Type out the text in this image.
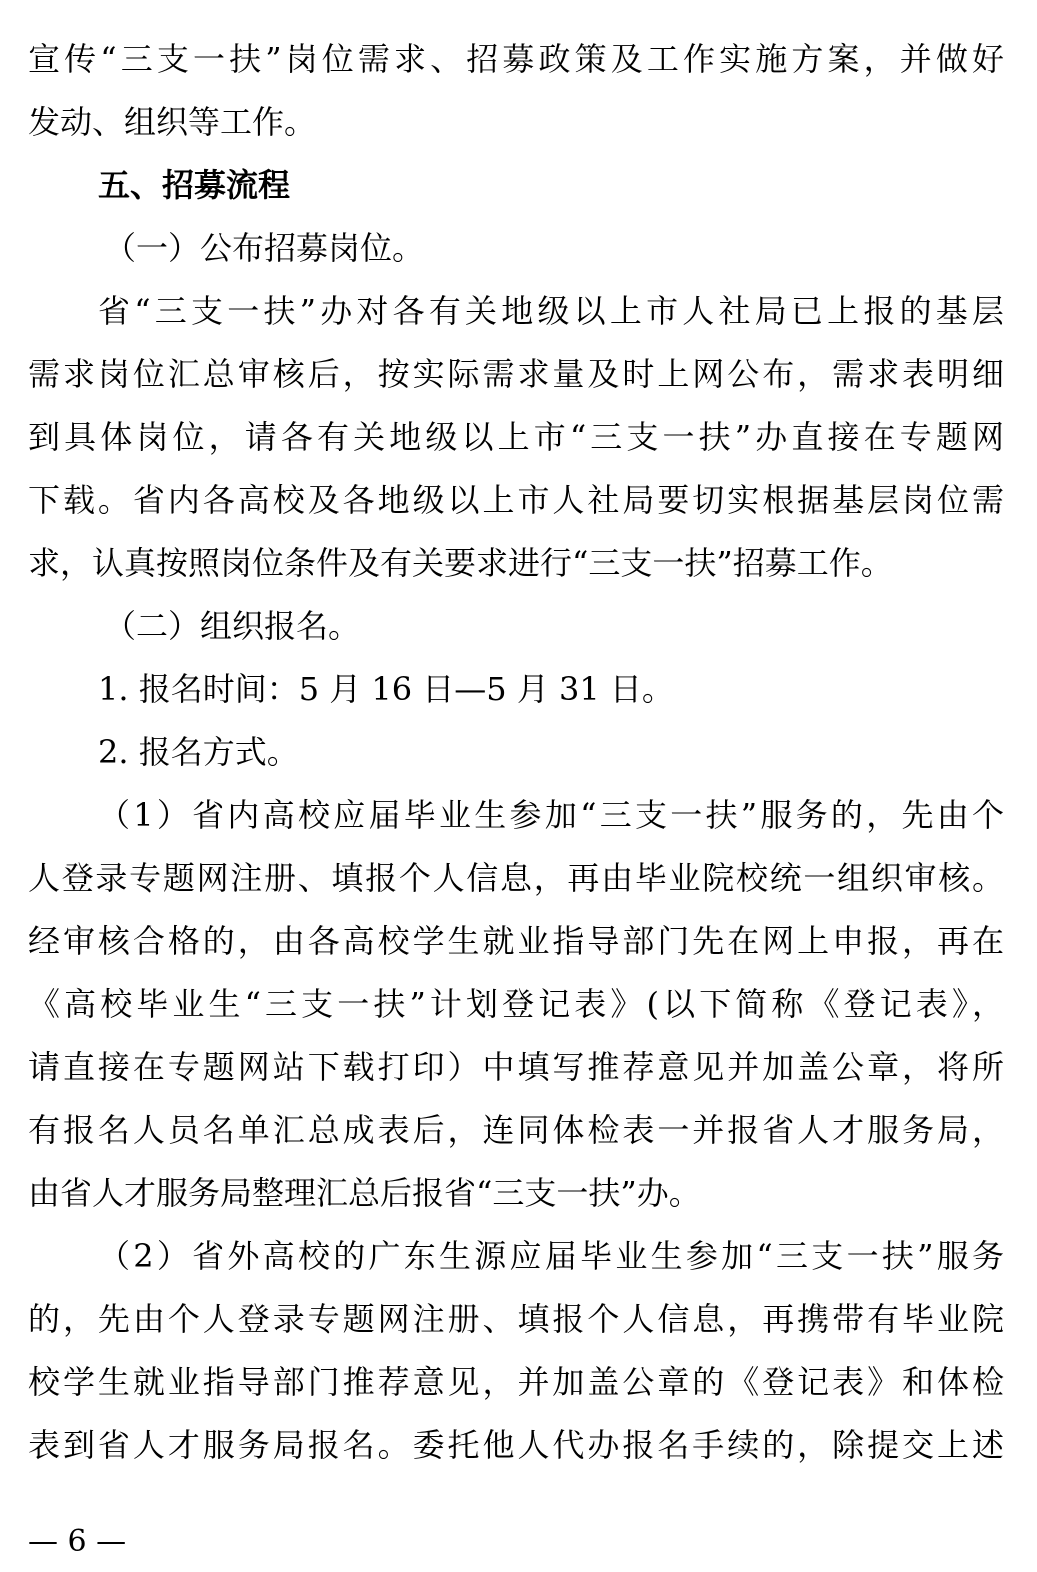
宣传“三支一扶”岗位需求、招募政策及工作实施方案，并做好
发动、组织等工作。
五、招募流程
（一）公布招募岗位。
省“三支一扶”办对各有关地级以上市人社局已上报的基层
需求岗位汇总审核后，按实际需求量及时上网公布，需求表明细
到具体岗位，请各有关地级以上市“三支一扶”办直接在专题网
下载。省内各高校及各地级以上市人社局要切实根据基层岗位需
求，认真按照岗位条件及有关要求进行“三支一扶”招募工作。
（二）组织报名。
1. 报名时间：5 月 16 日—5 月 31 日。
2. 报名方式。
（1）省内高校应届毕业生参加“三支一扶”服务的，先由个
人登录专题网注册、填报个人信息，再由毕业院校统一组织审核。
经审核合格的，由各高校学生就业指导部门先在网上申报，再在
《高校毕业生“三支一扶”计划登记表》(以下简称《登记表》，
请直接在专题网站下载打印）中填写推荐意见并加盖公章，将所
有报名人员名单汇总成表后，连同体检表一并报省人才服务局，
由省人才服务局整理汇总后报省“三支一扶”办。
（2）省外高校的广东生源应届毕业生参加“三支一扶”服务
的，先由个人登录专题网注册、填报个人信息，再携带有毕业院
校学生就业指导部门推荐意见，并加盖公章的《登记表》和体检
表到省人才服务局报名。委托他人代办报名手续的，除提交上述
— 6 —
